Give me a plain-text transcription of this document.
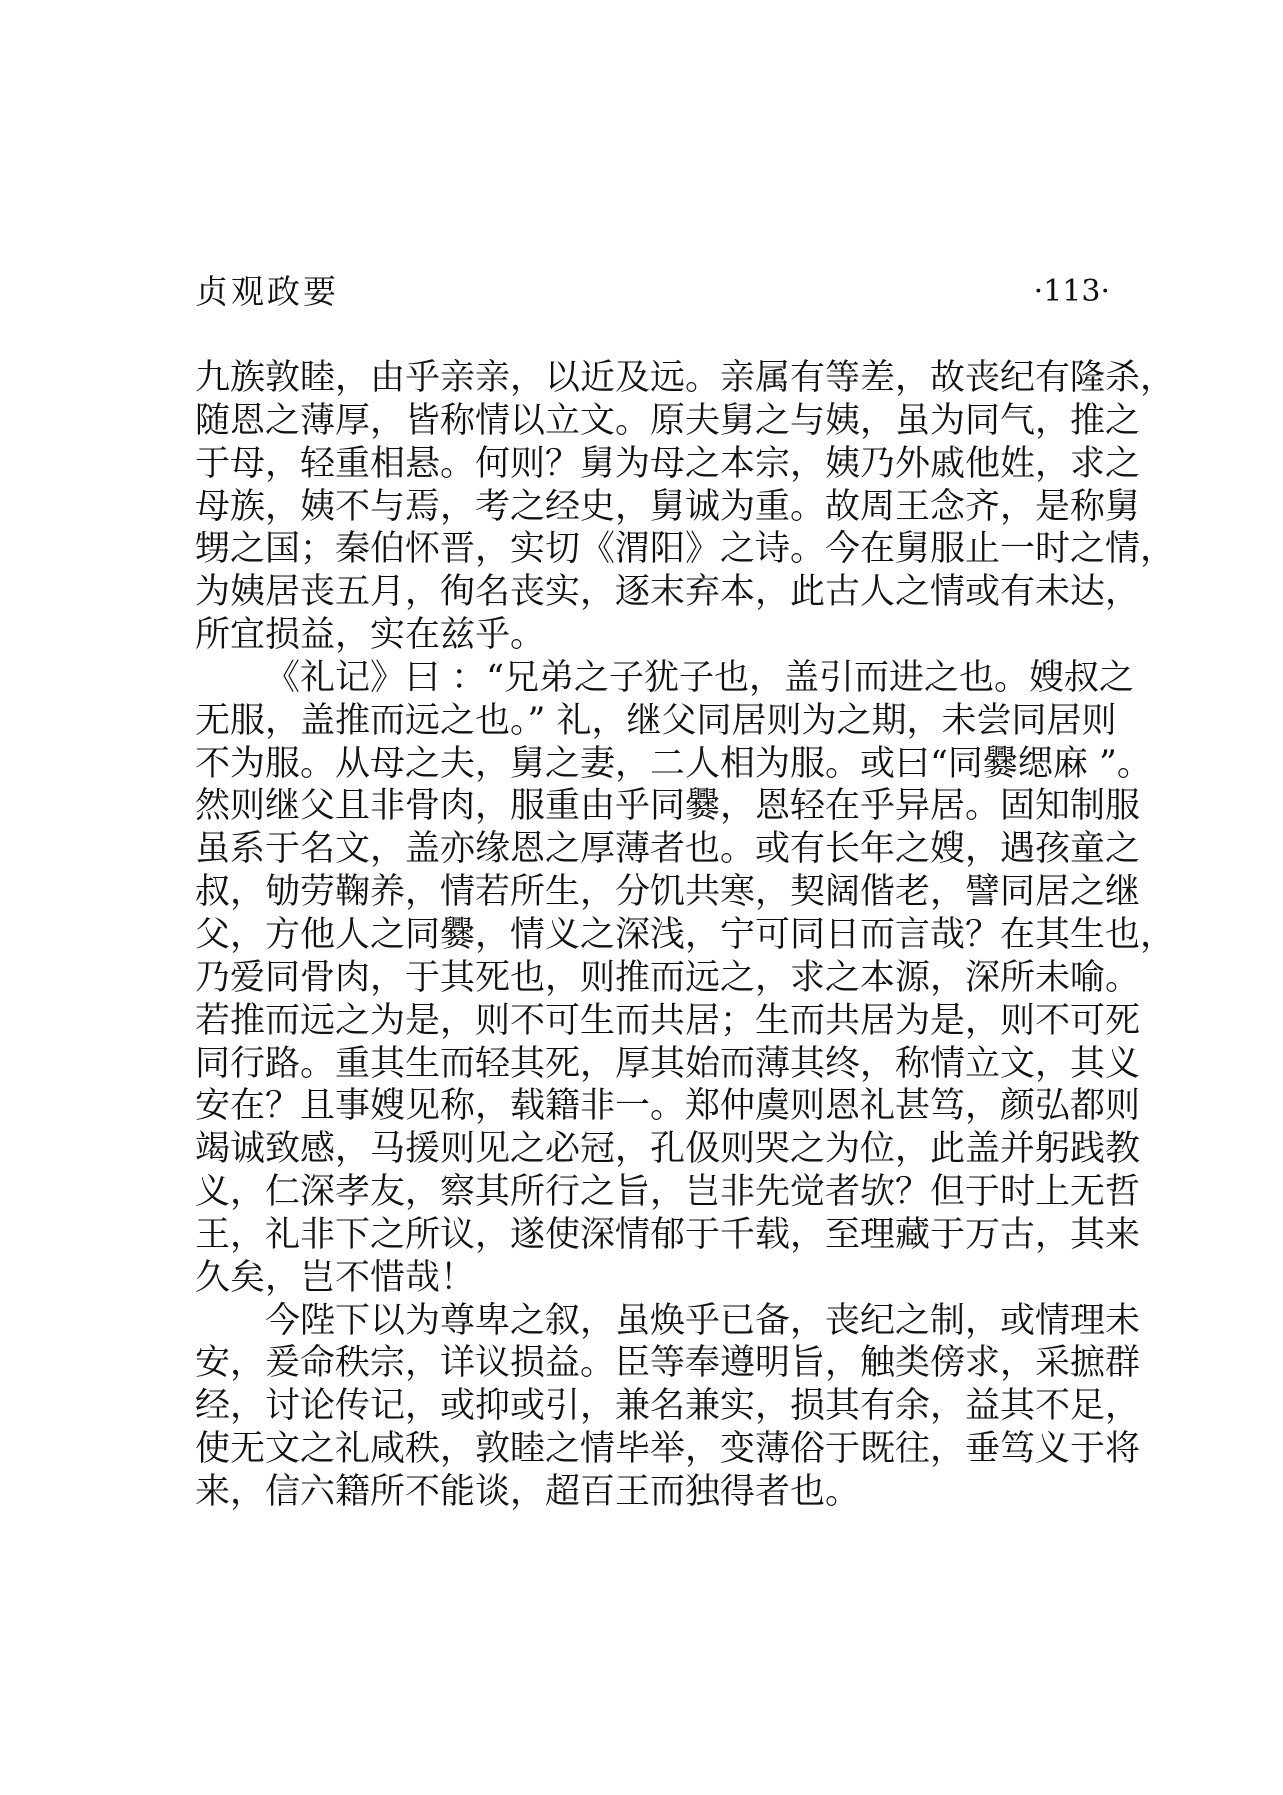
贞观政要	·113·
九族敦睦，由乎亲亲，以近及远。亲属有等差，故丧纪有隆杀，
随恩之薄厚，皆称情以立文。原夫舅之与姨，虽为同气，推之
于母，轻重相悬。何则？舅为母之本宗，姨乃外戚他姓，求之
母族，姨不与焉，考之经史，舅诚为重。故周王念齐，是称舅
甥之国；秦伯怀晋，实切《渭阳》之诗。今在舅服止一时之情，
为姨居丧五月，徇名丧实，逐末弃本，此古人之情或有未达，
所宜损益，实在兹乎。
《礼记》曰 ：“兄弟之子犹子也，盖引而进之也。嫂叔之
无服，盖推而远之也。” 礼，继父同居则为之期，未尝同居则
不为服。从母之夫，舅之妻，二人相为服。或曰“同爨缌麻 ”。
然则继父且非骨肉，服重由乎同爨，恩轻在乎异居。固知制服
虽系于名文，盖亦缘恩之厚薄者也。或有长年之嫂，遇孩童之
叔，劬劳鞠养，情若所生，分饥共寒，契阔偕老，譬同居之继
父，方他人之同爨，情义之深浅，宁可同日而言哉？在其生也，
乃爱同骨肉，于其死也，则推而远之，求之本源，深所未喻。
若推而远之为是，则不可生而共居；生而共居为是，则不可死
同行路。重其生而轻其死，厚其始而薄其终，称情立文，其义
安在？且事嫂见称，载籍非一。郑仲虞则恩礼甚笃，颜弘都则
竭诚致感，马援则见之必冠，孔伋则哭之为位，此盖并躬践教
义，仁深孝友，察其所行之旨，岂非先觉者欤？但于时上无哲
王，礼非下之所议，遂使深情郁于千载，至理藏于万古，其来
久矣，岂不惜哉！
今陛下以为尊卑之叙，虽焕乎已备，丧纪之制，或情理未
安，爰命秩宗，详议损益。臣等奉遵明旨，触类傍求，采摭群
经，讨论传记，或抑或引，兼名兼实，损其有余，益其不足，
使无文之礼咸秩，敦睦之情毕举，变薄俗于既往，垂笃义于将
来，信六籍所不能谈，超百王而独得者也。
